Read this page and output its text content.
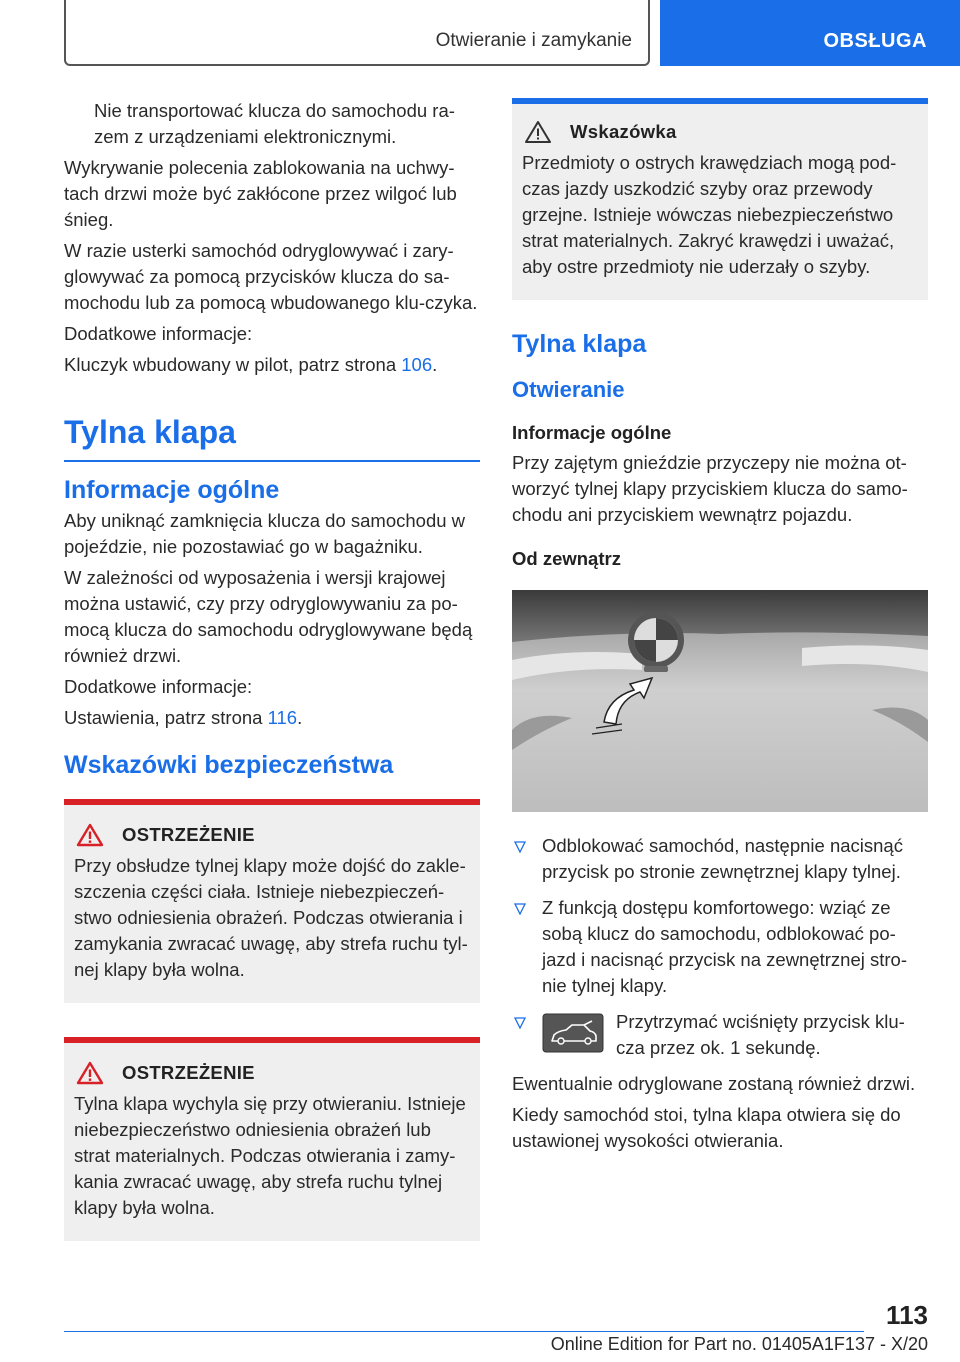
Otwieranie i zamykanie	OBSŁUGA

Nie transportować klucza do samochodu ra-zem z urządzeniami elektronicznymi.

Wykrywanie polecenia zablokowania na uchwy-tach drzwi może być zakłócone przez wilgoć lub śnieg.

W razie usterki samochód odryglowywać i zary-glowywać za pomocą przycisków klucza do sa-mochodu lub za pomocą wbudowanego klu-czyka.

Dodatkowe informacje:

Kluczyk wbudowany w pilot, patrz strona 106.

Tylna klapa
Informacje ogólne

Aby uniknąć zamknięcia klucza do samochodu w pojeździe, nie pozostawiać go w bagażniku.

W zależności od wyposażenia i wersji krajowej można ustawić, czy przy odryglowywaniu za po-mocą klucza do samochodu odryglowywane będą również drzwi.

Dodatkowe informacje:

Ustawienia, patrz strona 116.

Wskazówki bezpieczeństwa
OSTRZEŻENIE

Przy obsłudze tylnej klapy może dojść do zakle-szczenia części ciała. Istnieje niebezpieczeń-stwo odniesienia obrażeń. Podczas otwierania i zamykania zwracać uwagę, aby strefa ruchu tyl-nej klapy była wolna.

OSTRZEŻENIE

Tylna klapa wychyla się przy otwieraniu. Istnieje niebezpieczeństwo odniesienia obrażeń lub strat materialnych. Podczas otwierania i zamy-kania zwracać uwagę, aby strefa ruchu tylnej klapy była wolna.

Wskazówka

Przedmioty o ostrych krawędziach mogą pod-czas jazdy uszkodzić szyby oraz przewody grzejne. Istnieje wówczas niebezpieczeństwo strat materialnych. Zakryć krawędzi i uważać, aby ostre przedmioty nie uderzały o szyby.

Tylna klapa
Otwieranie
Informacje ogólne

Przy zajętym gnieździe przyczepy nie można ot-worzyć tylnej klapy przyciskiem klucza do samo-chodu ani przyciskiem wewnątrz pojazdu.

Od zewnątrz

Odblokować samochód, następnie nacisnąć przycisk po stronie zewnętrznej klapy tylnej.

Z funkcją dostępu komfortowego: wziąć ze sobą klucz do samochodu, odblokować po-jazd i nacisnąć przycisk na zewnętrznej stro-nie tylnej klapy.

Przytrzymać wciśnięty przycisk klu-cza przez ok. 1 sekundę.

Ewentualnie odryglowane zostaną również drzwi.

Kiedy samochód stoi, tylna klapa otwiera się do ustawionej wysokości otwierania.

113
Online Edition for Part no. 01405A1F137 - X/20
